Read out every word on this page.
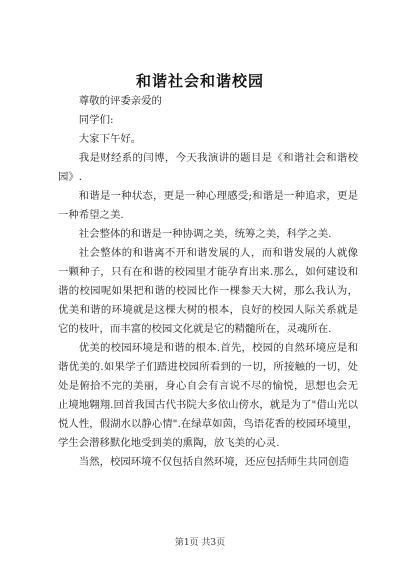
和谐社会和谐校园

尊敬的评委亲爱的

同学们:

大家下午好。

我是财经系的闫博，今天我演讲的题目是《和谐社会和谐校园》.

和谐是一种状态，更是一种心理感受;和谐是一种追求，更是一种希望之美.

社会整体的和谐是一种协调之美，统筹之美，科学之美.

社会整体的和谐离不开和谐发展的人，而和谐发展的人就像一颗种子，只有在和谐的校园里才能孕育出来.那么，如何建设和谐的校园呢如果把和谐的校园比作一棵参天大树，那么我认为，优美和谐的环境就是这棵大树的根本，良好的校园人际关系就是它的枝叶，而丰富的校园文化就是它的精髓所在，灵魂所在.

优美的校园环境是和谐的根本.首先，校园的自然环境应是和谐优美的.如果学子们踏进校园所看到的一切，所接触的一切，处处是俯拾不完的美丽，身心自会有言说不尽的愉悦，思想也会无止境地翱翔.回首我国古代书院大多依山傍水，就是为了"借山光以悦人性，假湖水以静心情".在绿草如茵，鸟语花香的校园环境里，学生会潜移默化地受到美的熏陶，放飞美的心灵.

当然，校园环境不仅包括自然环境，还应包括师生共同创造

第1页 共3页
